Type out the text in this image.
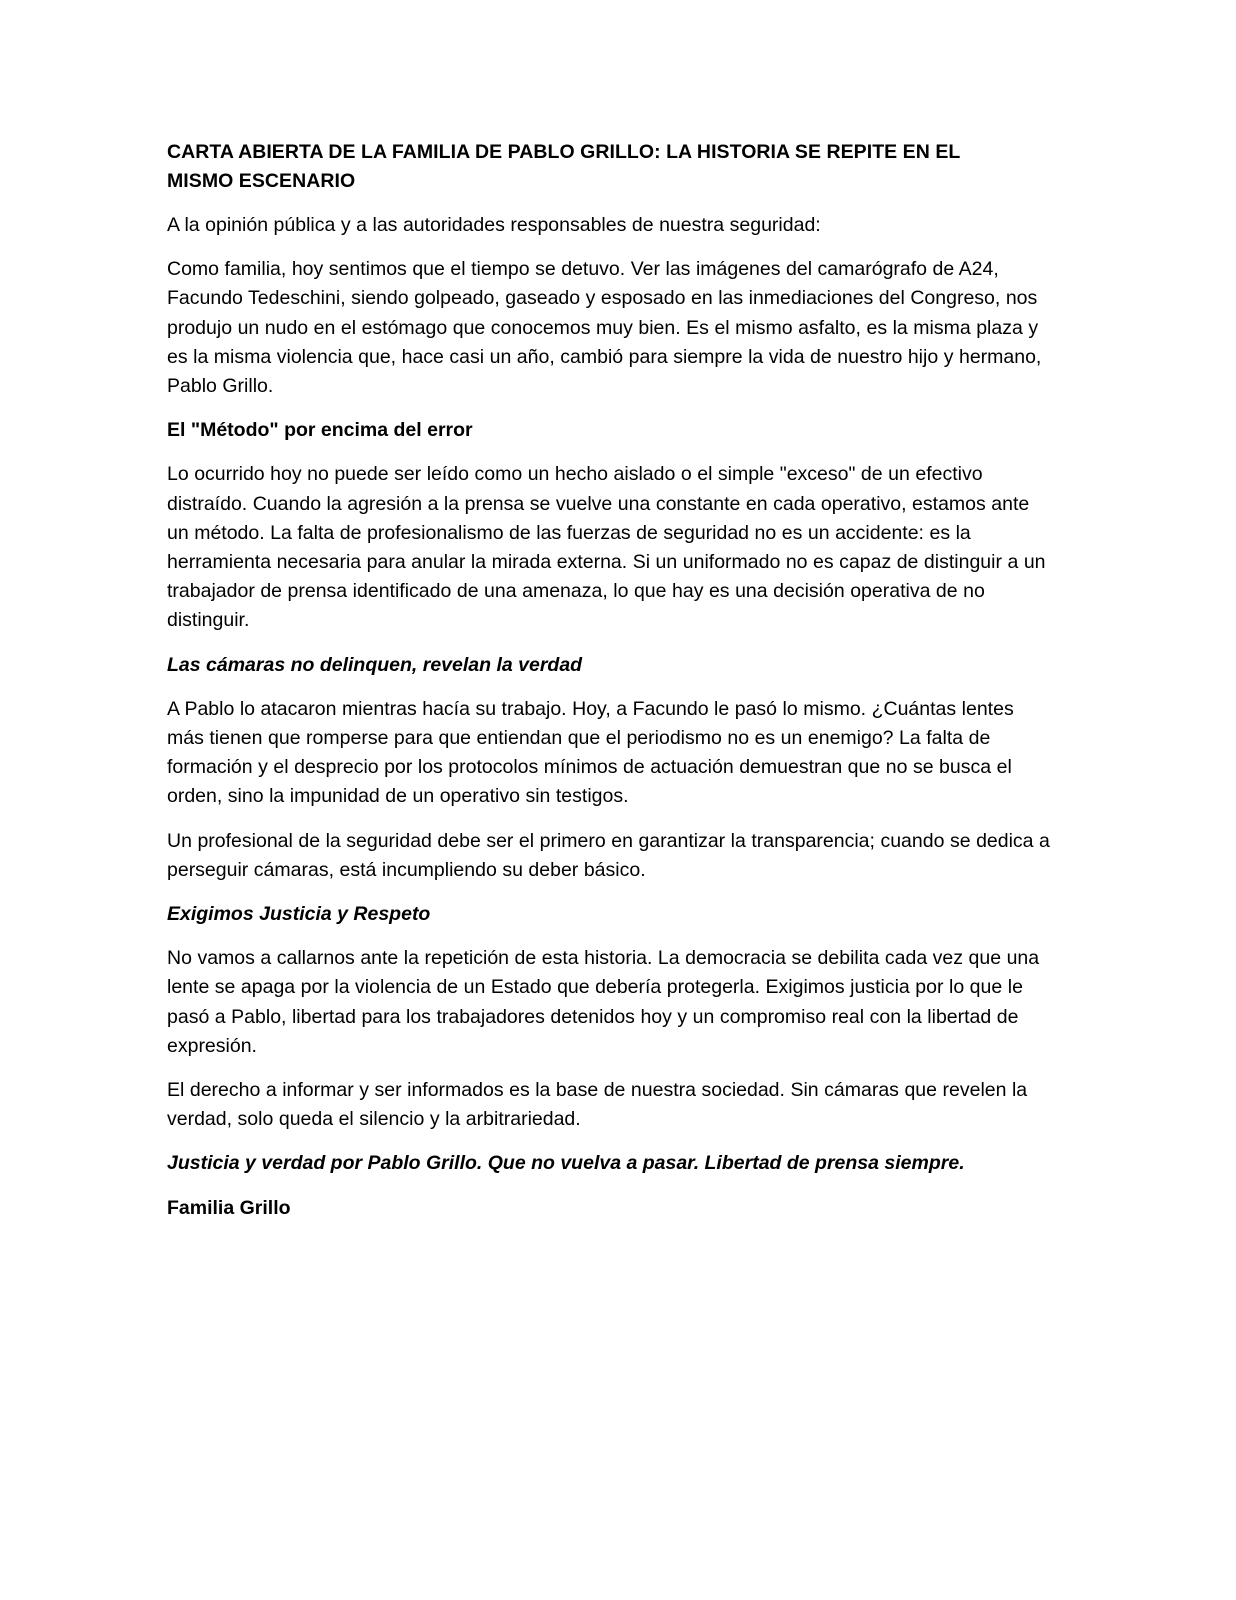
CARTA ABIERTA DE LA FAMILIA DE PABLO GRILLO: LA HISTORIA SE REPITE EN EL MISMO ESCENARIO

A la opinión pública y a las autoridades responsables de nuestra seguridad:

Como familia, hoy sentimos que el tiempo se detuvo. Ver las imágenes del camarógrafo de A24, Facundo Tedeschini, siendo golpeado, gaseado y esposado en las inmediaciones del Congreso, nos produjo un nudo en el estómago que conocemos muy bien. Es el mismo asfalto, es la misma plaza y es la misma violencia que, hace casi un año, cambió para siempre la vida de nuestro hijo y hermano, Pablo Grillo.

El "Método" por encima del error

Lo ocurrido hoy no puede ser leído como un hecho aislado o el simple "exceso" de un efectivo distraído. Cuando la agresión a la prensa se vuelve una constante en cada operativo, estamos ante un método. La falta de profesionalismo de las fuerzas de seguridad no es un accidente: es la herramienta necesaria para anular la mirada externa. Si un uniformado no es capaz de distinguir a un trabajador de prensa identificado de una amenaza, lo que hay es una decisión operativa de no distinguir.

Las cámaras no delinquen, revelan la verdad

A Pablo lo atacaron mientras hacía su trabajo. Hoy, a Facundo le pasó lo mismo. ¿Cuántas lentes más tienen que romperse para que entiendan que el periodismo no es un enemigo? La falta de formación y el desprecio por los protocolos mínimos de actuación demuestran que no se busca el orden, sino la impunidad de un operativo sin testigos.

Un profesional de la seguridad debe ser el primero en garantizar la transparencia; cuando se dedica a perseguir cámaras, está incumpliendo su deber básico.

Exigimos Justicia y Respeto

No vamos a callarnos ante la repetición de esta historia. La democracia se debilita cada vez que una lente se apaga por la violencia de un Estado que debería protegerla. Exigimos justicia por lo que le pasó a Pablo, libertad para los trabajadores detenidos hoy y un compromiso real con la libertad de expresión.

El derecho a informar y ser informados es la base de nuestra sociedad. Sin cámaras que revelen la verdad, solo queda el silencio y la arbitrariedad.

Justicia y verdad por Pablo Grillo. Que no vuelva a pasar. Libertad de prensa siempre.

Familia Grillo
